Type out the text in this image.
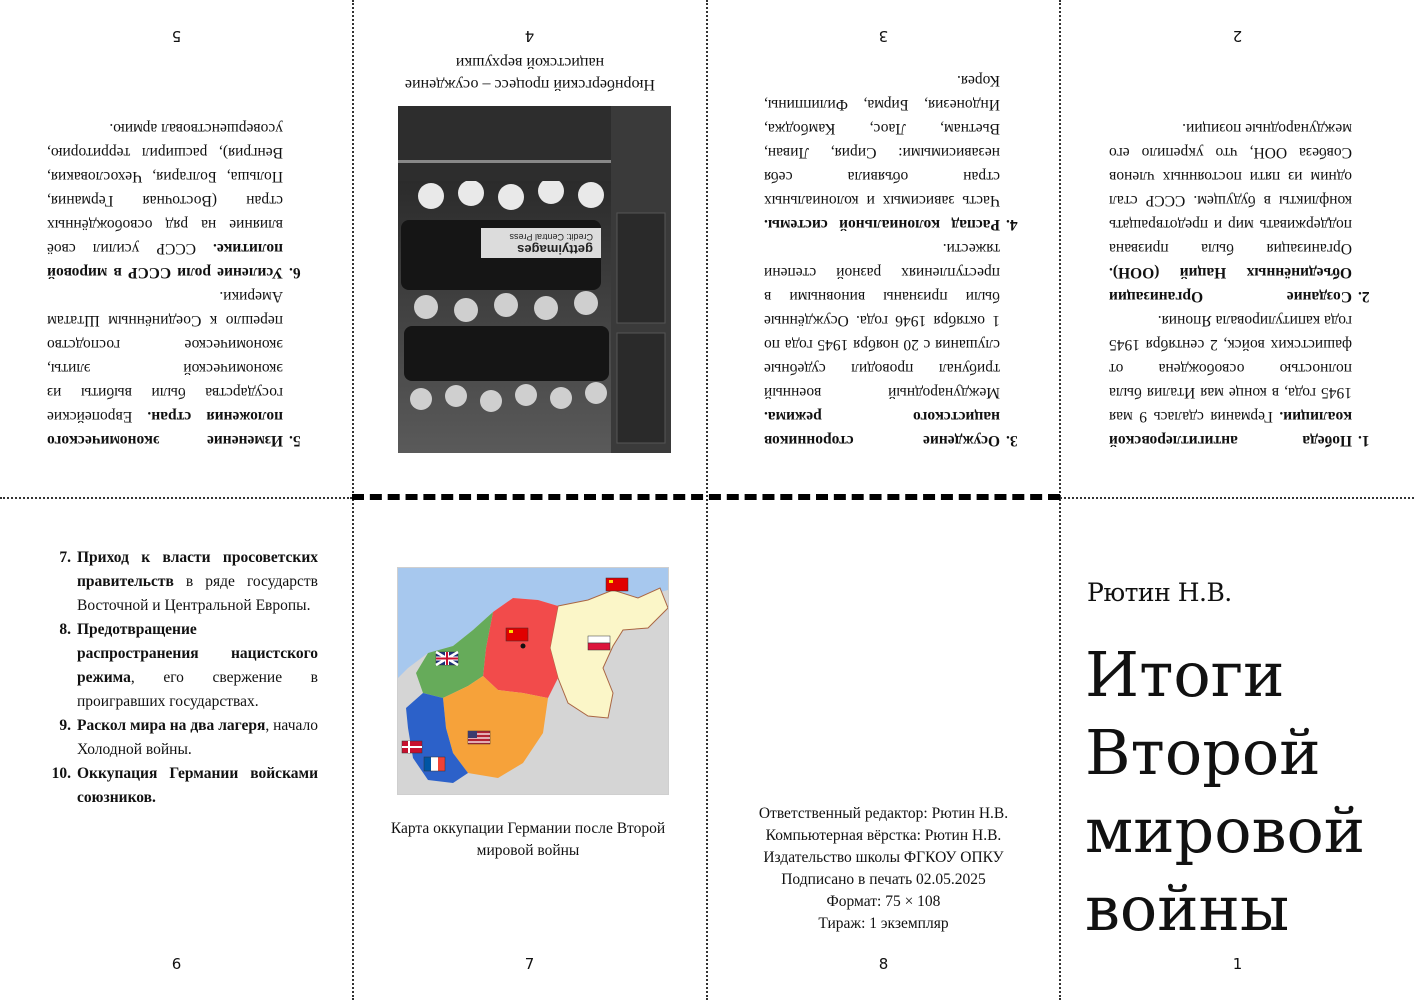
5.
Изменение экономического положения стран. Европейские государства были выбиты из экономической элиты, экономическое господство перешло к Соединённым Штатам Америки.
6.
Усиление роли СССР в мировой политике. СССР усилил своё влияние на ряд освобождённых стран (Восточная Германия, Польша, Болгария, Чехословакия, Венгрия), расширил территорию, усовершенствовал армию.
5
gettyimages
Credit: Central Press
Нюрнбергский процесс – осуждение нацистской верхушки
4
3.
Осуждение сторонников нацистского режима. Международный военный трибунал проводил судебные слушания с 20 ноября 1945 года по 1 октября 1946 года. Осуждённые были признаны виновными в преступлениях разной степени тяжести.
4.
Распад колониальной системы. Часть зависимых и колониальных стран объявила себя независимыми: Сирия, Ливан, Вьетнам, Лаос, Камбоджа, Индонезия, Бирма, Филиппины, Корея.
3
1.
Победа антигитлеровской коалиции. Германия сдалась 9 мая 1945 года, в конце мая Италия была полностью освобождена от фашистских войск, 2 сентября 1945 года капитулировала Япония.
2.
Создание Организации Объединённых Наций (ООН). Организация была призвана поддерживать мир и предотвращать конфликты в будущем. СССР стал одним из пяти постоянных членов Совбеза ООН, что укрепило его международные позиции.
2
7. Приход к власти просоветских правительств в ряде государств Восточной и Центральной Европы.
8. Предотвращение распространения нацистского режима, его свержение в проигравших государствах.
9. Раскол мира на два лагеря, начало Холодной войны.
10. Оккупация Германии войсками союзников.
6
Карта оккупации Германии после Второй мировой войны
7
Ответственный редактор: Рютин Н.В.
Компьютерная вёрстка: Рютин Н.В.
Издательство школы ФГКОУ ОПКУ
Подписано в печать 02.05.2025
Формат: 75 × 108
Тираж: 1 экземпляр
8
Рютин Н.В.
Итоги
Второй
мировой
войны
1
